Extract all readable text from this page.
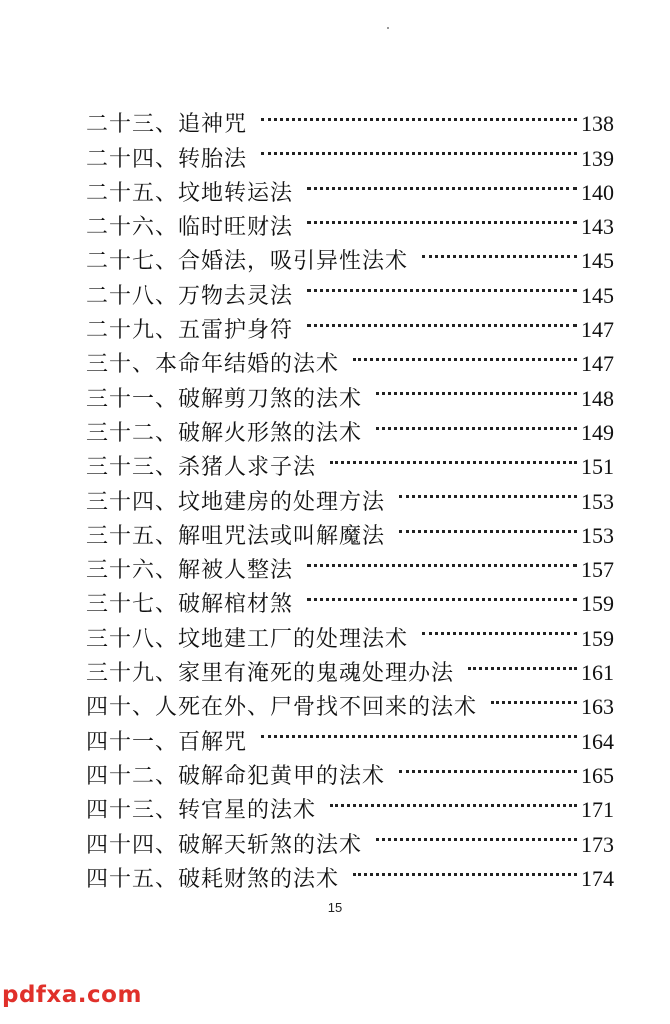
二十三、 追神咒	138
二十四、 转胎法	139
二十五、 坟地转运法	140
二十六、 临时旺财法	143
二十七、 合婚法，吸引异性法术	145
二十八、 万物去灵法	145
二十九、 五雷护身符	147
三十、 本命年结婚的法术	147
三十一、 破解剪刀煞的法术	148
三十二、 破解火形煞的法术	149
三十三、 杀猪人求子法	151
三十四、 坟地建房的处理方法	153
三十五、 解咀咒法或叫解魔法	153
三十六、 解被人整法	157
三十七、 破解棺材煞	159
三十八、 坟地建工厂的处理法术	159
三十九、 家里有淹死的鬼魂处理办法	161
四十、 人死在外、尸骨找不回来的法术	163
四十一、 百解咒	164
四十二、 破解命犯黄甲的法术	165
四十三、 转官星的法术	171
四十四、 破解天斩煞的法术	173
四十五、 破耗财煞的法术	174
15
pdfxa.com
